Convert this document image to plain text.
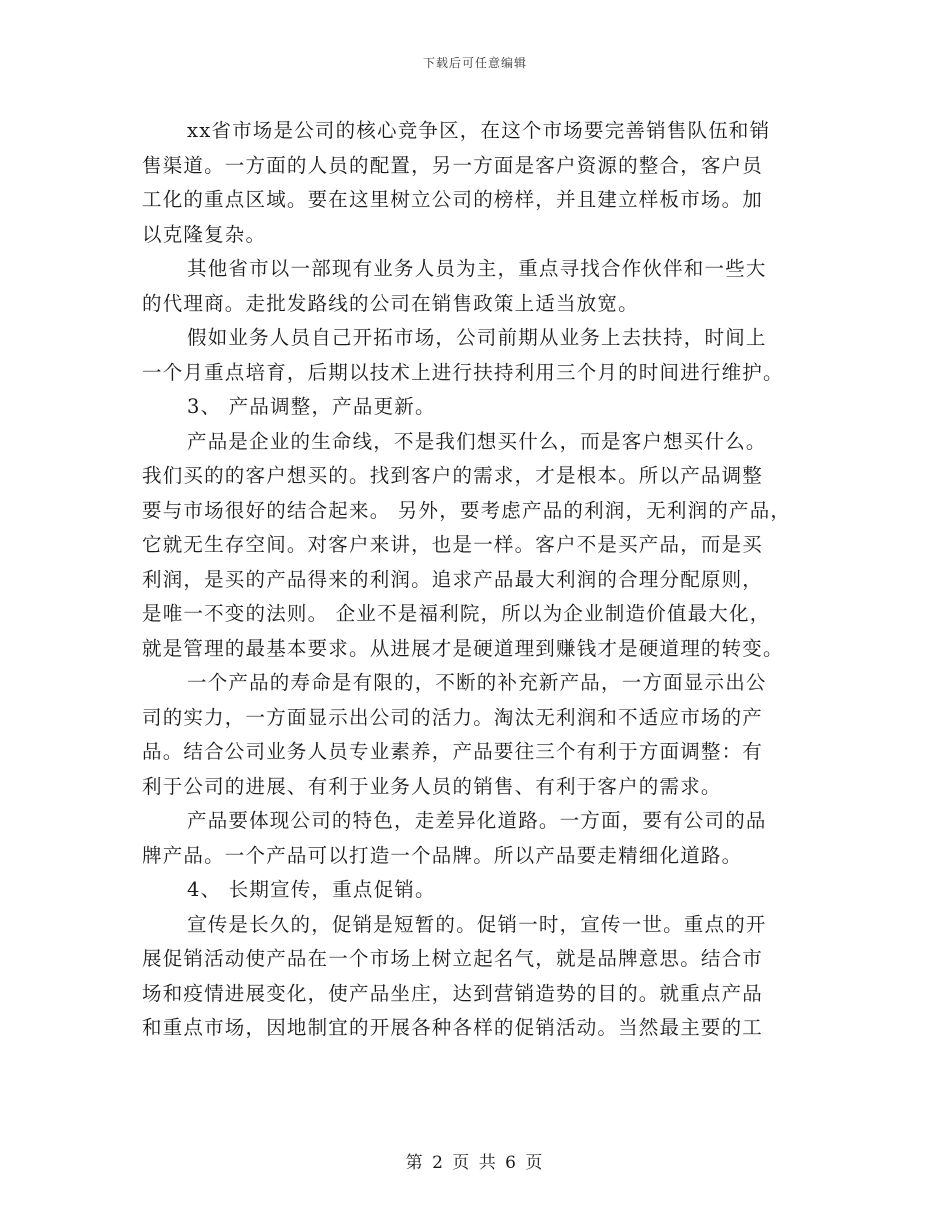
下载后可任意编辑
xx省市场是公司的核心竞争区，在这个市场要完善销售队伍和销
售渠道。一方面的人员的配置，另一方面是客户资源的整合，客户员
工化的重点区域。要在这里树立公司的榜样，并且建立样板市场。加
以克隆复杂。
其他省市以一部现有业务人员为主，重点寻找合作伙伴和一些大
的代理商。走批发路线的公司在销售政策上适当放宽。
假如业务人员自己开拓市场，公司前期从业务上去扶持，时间上
一个月重点培育，后期以技术上进行扶持利用三个月的时间进行维护。
3、 产品调整，产品更新。
产品是企业的生命线，不是我们想买什么，而是客户想买什么。
我们买的的客户想买的。找到客户的需求，才是根本。所以产品调整
要与市场很好的结合起来。 另外，要考虑产品的利润，无利润的产品，
它就无生存空间。对客户来讲，也是一样。客户不是买产品，而是买
利润，是买的产品得来的利润。追求产品最大利润的合理分配原则，
是唯一不变的法则。 企业不是福利院，所以为企业制造价值最大化，
就是管理的最基本要求。从进展才是硬道理到赚钱才是硬道理的转变。
一个产品的寿命是有限的，不断的补充新产品，一方面显示出公
司的实力，一方面显示出公司的活力。淘汰无利润和不适应市场的产
品。结合公司业务人员专业素养，产品要往三个有利于方面调整：有
利于公司的进展、有利于业务人员的销售、有利于客户的需求。
产品要体现公司的特色，走差异化道路。一方面，要有公司的品
牌产品。一个产品可以打造一个品牌。所以产品要走精细化道路。
4、 长期宣传，重点促销。
宣传是长久的，促销是短暂的。促销一时，宣传一世。重点的开
展促销活动使产品在一个市场上树立起名气，就是品牌意思。结合市
场和疫情进展变化，使产品坐庄，达到营销造势的目的。就重点产品
和重点市场，因地制宜的开展各种各样的促销活动。当然最主要的工
第 2 页 共 6 页
